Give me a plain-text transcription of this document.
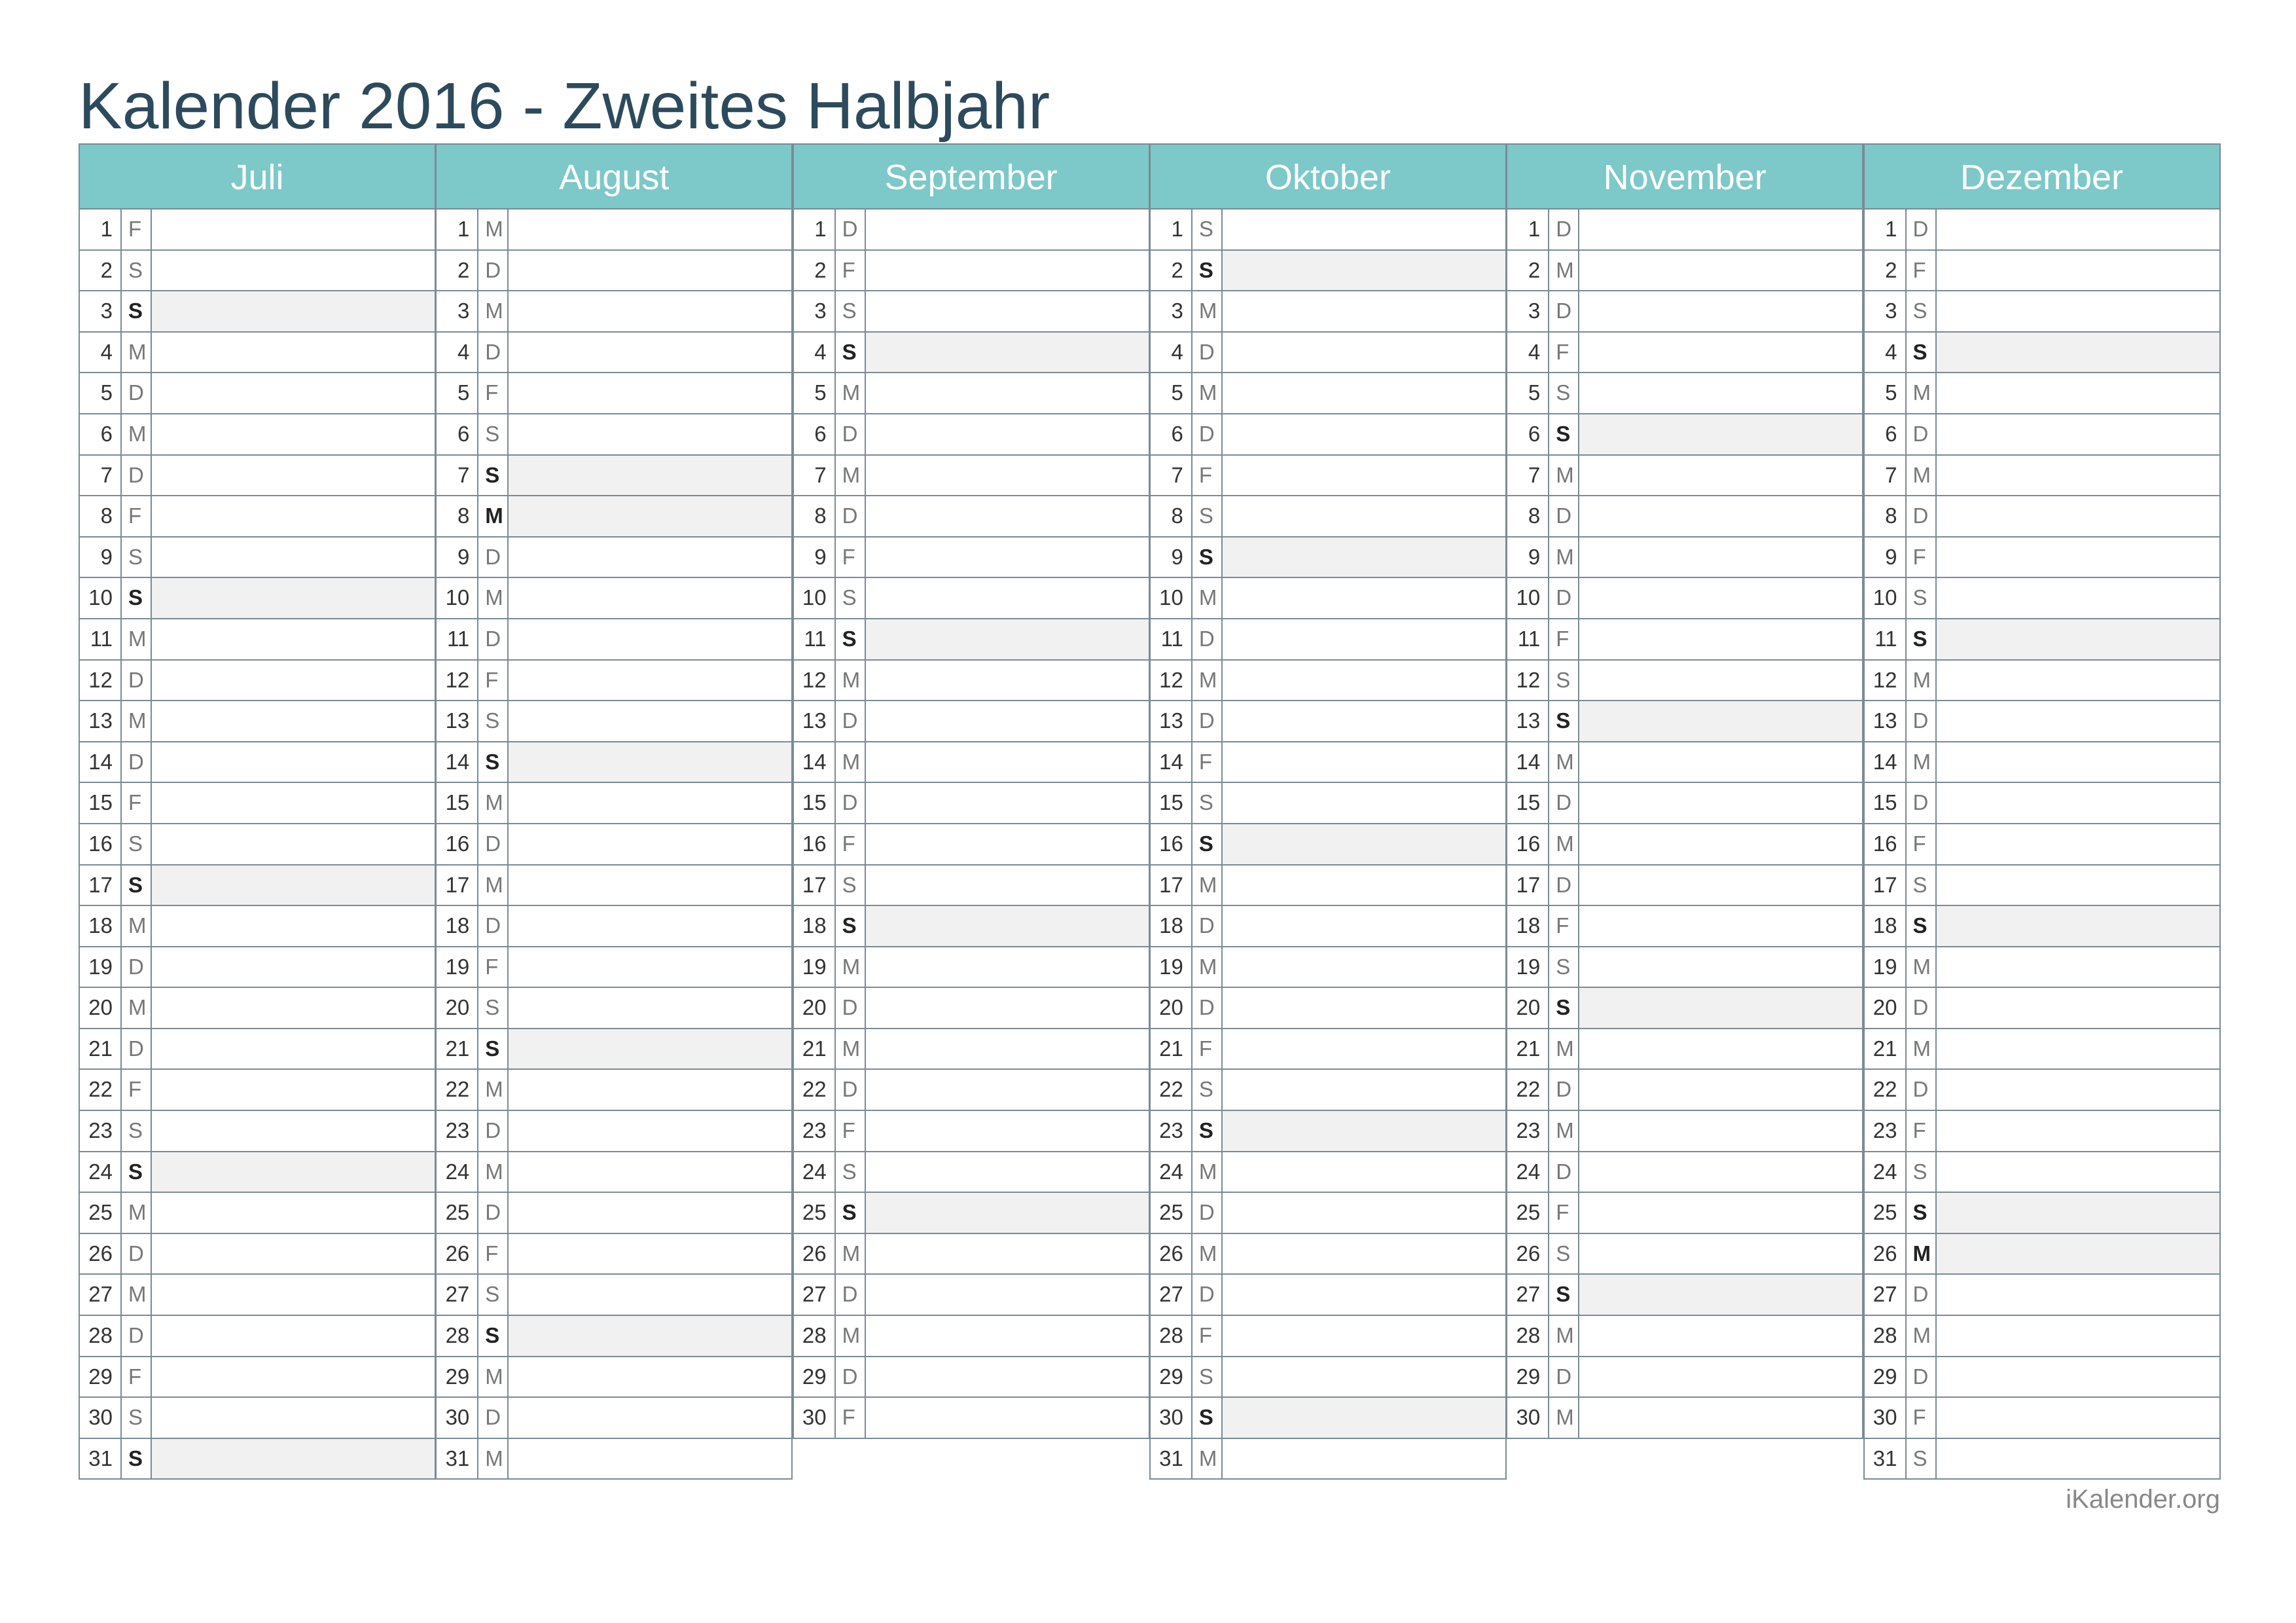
Kalender 2016 - Zweites Halbjahr
Juli
1 F
2 S
3 S
4 M
5 D
6 M
7 D
8 F
9 S
10 S
11 M
12 D
13 M
14 D
15 F
16 S
17 S
18 M
19 D
20 M
21 D
22 F
23 S
24 S
25 M
26 D
27 M
28 D
29 F
30 S
31 S
August
1 M
2 D
3 M
4 D
5 F
6 S
7 S
8 M
9 D
10 M
11 D
12 F
13 S
14 S
15 M
16 D
17 M
18 D
19 F
20 S
21 S
22 M
23 D
24 M
25 D
26 F
27 S
28 S
29 M
30 D
31 M
September
1 D
2 F
3 S
4 S
5 M
6 D
7 M
8 D
9 F
10 S
11 S
12 M
13 D
14 M
15 D
16 F
17 S
18 S
19 M
20 D
21 M
22 D
23 F
24 S
25 S
26 M
27 D
28 M
29 D
30 F
Oktober
1 S
2 S
3 M
4 D
5 M
6 D
7 F
8 S
9 S
10 M
11 D
12 M
13 D
14 F
15 S
16 S
17 M
18 D
19 M
20 D
21 F
22 S
23 S
24 M
25 D
26 M
27 D
28 F
29 S
30 S
31 M
November
1 D
2 M
3 D
4 F
5 S
6 S
7 M
8 D
9 M
10 D
11 F
12 S
13 S
14 M
15 D
16 M
17 D
18 F
19 S
20 S
21 M
22 D
23 M
24 D
25 F
26 S
27 S
28 M
29 D
30 M
Dezember
1 D
2 F
3 S
4 S
5 M
6 D
7 M
8 D
9 F
10 S
11 S
12 M
13 D
14 M
15 D
16 F
17 S
18 S
19 M
20 D
21 M
22 D
23 F
24 S
25 S
26 M
27 D
28 M
29 D
30 F
31 S
iKalender.org
